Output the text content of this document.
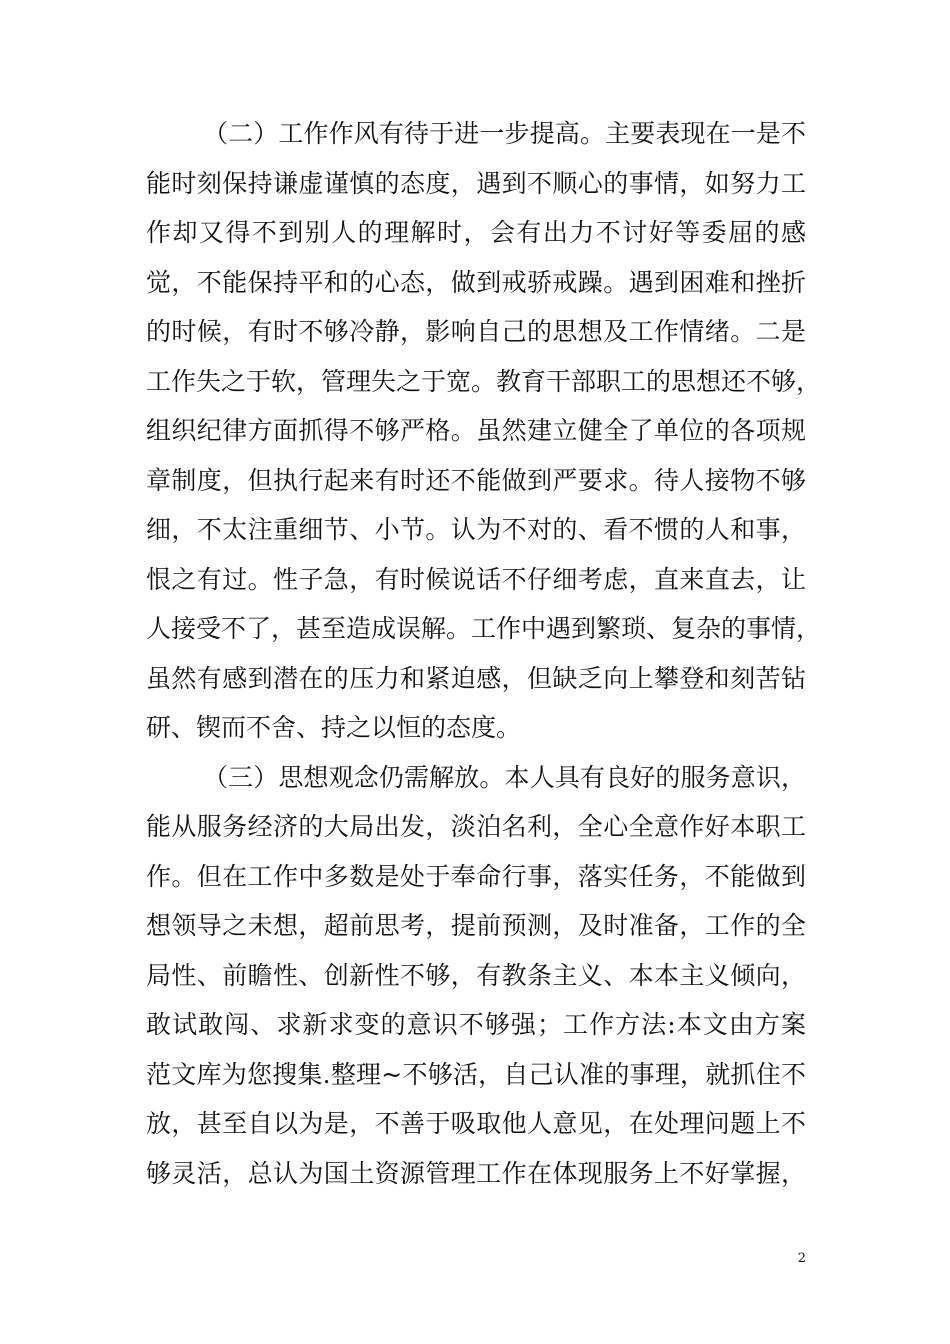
（二）工作作风有待于进一步提高。主要表现在一是不
能时刻保持谦虚谨慎的态度，遇到不顺心的事情，如努力工
作却又得不到别人的理解时，会有出力不讨好等委屈的感
觉，不能保持平和的心态，做到戒骄戒躁。遇到困难和挫折
的时候，有时不够冷静，影响自己的思想及工作情绪。二是
工作失之于软，管理失之于宽。教育干部职工的思想还不够，
组织纪律方面抓得不够严格。虽然建立健全了单位的各项规
章制度，但执行起来有时还不能做到严要求。待人接物不够
细，不太注重细节、小节。认为不对的、看不惯的人和事，
恨之有过。性子急，有时候说话不仔细考虑，直来直去，让
人接受不了，甚至造成误解。工作中遇到繁琐、复杂的事情，
虽然有感到潜在的压力和紧迫感，但缺乏向上攀登和刻苦钻
研、锲而不舍、持之以恒的态度。
（三）思想观念仍需解放。本人具有良好的服务意识，
能从服务经济的大局出发，淡泊名利，全心全意作好本职工
作。但在工作中多数是处于奉命行事，落实任务，不能做到
想领导之未想，超前思考，提前预测，及时准备，工作的全
局性、前瞻性、创新性不够，有教条主义、本本主义倾向，
敢试敢闯、求新求变的意识不够强；工作方法:本文由方案
范文库为您搜集.整理~不够活，自己认准的事理，就抓住不
放，甚至自以为是，不善于吸取他人意见，在处理问题上不
够灵活，总认为国土资源管理工作在体现服务上不好掌握，
2
